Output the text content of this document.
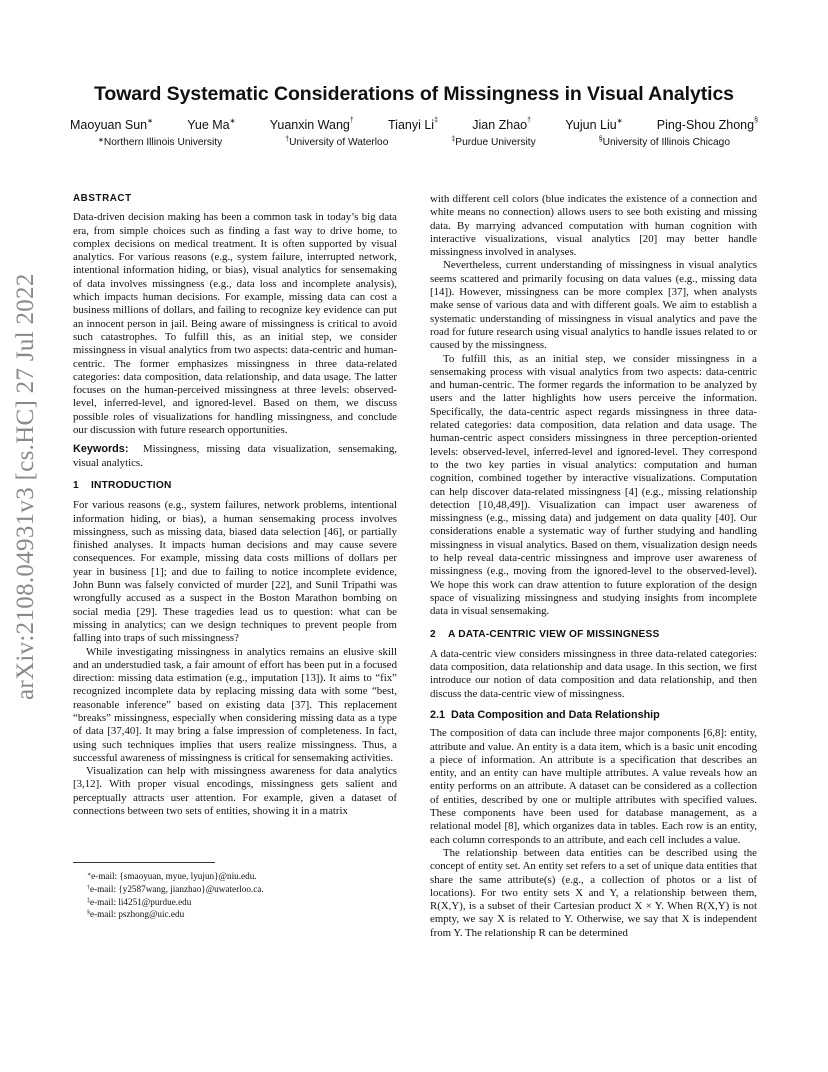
arXiv:2108.04931v3 [cs.HC] 27 Jul 2022
Toward Systematic Considerations of Missingness in Visual Analytics
Maoyuan Sun∗	Yue Ma∗	Yuanxin Wang†	Tianyi Li‡	Jian Zhao†	Yujun Liu∗	Ping-Shou Zhong§
∗Northern Illinois University	†University of Waterloo	‡Purdue University	§University of Illinois Chicago
ABSTRACT

Data-driven decision making has been a common task in today’s big data era, from simple choices such as finding a fast way to drive home, to complex decisions on medical treatment. It is often supported by visual analytics. For various reasons (e.g., system failure, interrupted network, intentional information hiding, or bias), visual analytics for sensemaking of data involves missingness (e.g., data loss and incomplete analysis), which impacts human decisions. For example, missing data can cost a business millions of dollars, and failing to recognize key evidence can put an innocent person in jail. Being aware of missingness is critical to avoid such catastrophes. To fulfill this, as an initial step, we consider missingness in visual analytics from two aspects: data-centric and human-centric. The former emphasizes missingness in three data-related categories: data composition, data relationship, and data usage. The latter focuses on the human-perceived missingness at three levels: observed-level, inferred-level, and ignored-level. Based on them, we discuss possible roles of visualizations for handling missingness, and conclude our discussion with future research opportunities.

Keywords: Missingness, missing data visualization, sensemaking, visual analytics.

1 INTRODUCTION

For various reasons (e.g., system failures, network problems, intentional information hiding, or bias), a human sensemaking process involves missingness, such as missing data, biased data selection [46], or partially finished analyses. It impacts human decisions and may cause severe consequences. For example, missing data costs millions of dollars per year in business [1]; and due to failing to notice incomplete evidence, John Bunn was falsely convicted of murder [22], and Sunil Tripathi was wrongfully accused as a suspect in the Boston Marathon bombing on social media [29]. These tragedies lead us to question: what can be missing in analytics; can we design techniques to prevent people from falling into traps of such missingness?

While investigating missingness in analytics remains an elusive skill and an understudied task, a fair amount of effort has been put in a focused direction: missing data estimation (e.g., imputation [13]). It aims to “fix” recognized incomplete data by replacing missing data with some “best, reasonable inference” based on existing data [37]. This replacement “breaks” missingness, especially when considering missing data as a type of data [37,40]. It may bring a false impression of completeness. In fact, using such techniques implies that users realize missingness. Thus, a successful awareness of missingness is critical for sensemaking activities.

Visualization can help with missingness awareness for data analytics [3,12]. With proper visual encodings, missingness gets salient and perceptually attracts user attention. For example, given a dataset of connections between two sets of entities, showing it in a matrix

∗e-mail: {smaoyuan, myue, lyujun}@niu.edu.
†e-mail: {y2587wang, jianzhao}@uwaterloo.ca.
‡e-mail: li4251@purdue.edu
§e-mail: pszhong@uic.edu

with different cell colors (blue indicates the existence of a connection and white means no connection) allows users to see both existing and missing data. By marrying advanced computation with human cognition with interactive visualizations, visual analytics [20] may better handle missingness involved in analyses.

Nevertheless, current understanding of missingness in visual analytics seems scattered and primarily focusing on data values (e.g., missing data [14]). However, missingness can be more complex [37], when analysts make sense of various data and with different goals. We aim to establish a systematic understanding of missingness in visual analytics and pave the road for future research using visual analytics to handle issues related to or caused by the missingness.

To fulfill this, as an initial step, we consider missingness in a sensemaking process with visual analytics from two aspects: data-centric and human-centric. The former regards the information to be analyzed by users and the latter highlights how users perceive the information. Specifically, the data-centric aspect regards missingness in three data-related categories: data composition, data relation and data usage. The human-centric aspect considers missingness in three perception-oriented levels: observed-level, inferred-level and ignored-level. They correspond to the two key parties in visual analytics: computation and human cognition, combined together by interactive visualizations. Computation can help discover data-related missingness [4] (e.g., missing relationship detection [10,48,49]). Visualization can impact user awareness of missingness (e.g., missing data) and judgement on data quality [40]. Our considerations enable a systematic way of further studying and handling missingness in visual analytics. Based on them, visualization design needs to help reveal data-centric missingness and improve user awareness of missingness (e.g., moving from the ignored-level to the observed-level). We hope this work can draw attention to future exploration of the design space of visualizing missingness and studying insights from incomplete data in visual sensemaking.

2 A DATA-CENTRIC VIEW OF MISSINGNESS

A data-centric view considers missingness in three data-related categories: data composition, data relationship and data usage. In this section, we first introduce our notion of data composition and data relationship, and then discuss the data-centric view of missingness.

2.1 Data Composition and Data Relationship

The composition of data can include three major components [6,8]: entity, attribute and value. An entity is a data item, which is a basic unit encoding a piece of information. An attribute is a specification that describes an entity, and an entity can have multiple attributes. A value reveals how an entity performs on an attribute. A dataset can be considered as a collection of entities, described by one or multiple attributes with specified values. These components have been used for database management, as a relational model [8], which organizes data in tables. Each row is an entity, each column corresponds to an attribute, and each cell includes a value.

The relationship between data entities can be described using the concept of entity set. An entity set refers to a set of unique data entities that share the same attribute(s) (e.g., a collection of photos or a list of locations). For two entity sets X and Y, a relationship between them, R(X,Y), is a subset of their Cartesian product X × Y. When R(X,Y) is not empty, we say X is related to Y. Otherwise, we say that X is independent from Y. The relationship R can be determined
